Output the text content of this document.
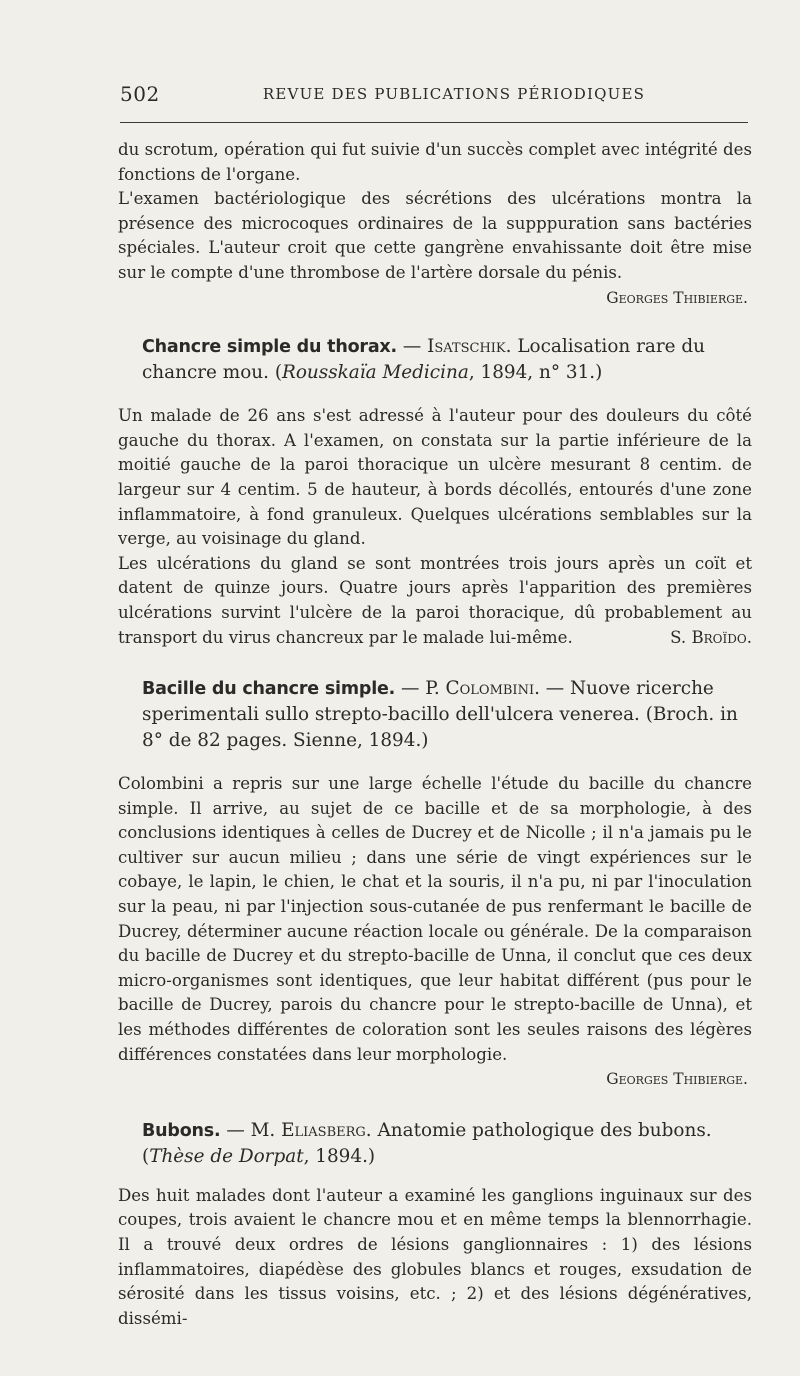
502	REVUE DES PUBLICATIONS PÉRIODIQUES

du scrotum, opération qui fut suivie d'un succès complet avec intégrité des fonctions de l'organe.

L'examen bactériologique des sécrétions des ulcérations montra la présence des microcoques ordinaires de la supppuration sans bactéries spéciales. L'auteur croit que cette gangrène envahissante doit être mise sur le compte d'une thrombose de l'artère dorsale du pénis.

Georges Thibierge.

Chancre simple du thorax. — Isatschik. Localisation rare du chancre mou. (Rousskaïa Medicina, 1894, n° 31.)

Un malade de 26 ans s'est adressé à l'auteur pour des douleurs du côté gauche du thorax. A l'examen, on constata sur la partie inférieure de la moitié gauche de la paroi thoracique un ulcère mesurant 8 centim. de largeur sur 4 centim. 5 de hauteur, à bords décollés, entourés d'une zone inflammatoire, à fond granuleux. Quelques ulcérations semblables sur la verge, au voisinage du gland.

Les ulcérations du gland se sont montrées trois jours après un coït et datent de quinze jours. Quatre jours après l'apparition des premières ulcérations survint l'ulcère de la paroi thoracique, dû probablement au transport du virus chancreux par le malade lui-même.	S. Broïdo.

Bacille du chancre simple. — P. Colombini. — Nuove ricerche sperimentali sullo strepto-bacillo dell'ulcera venerea. (Broch. in 8° de 82 pages. Sienne, 1894.)

Colombini a repris sur une large échelle l'étude du bacille du chancre simple. Il arrive, au sujet de ce bacille et de sa morphologie, à des conclusions identiques à celles de Ducrey et de Nicolle ; il n'a jamais pu le cultiver sur aucun milieu ; dans une série de vingt expériences sur le cobaye, le lapin, le chien, le chat et la souris, il n'a pu, ni par l'inoculation sur la peau, ni par l'injection sous-cutanée de pus renfermant le bacille de Ducrey, déterminer aucune réaction locale ou générale. De la comparaison du bacille de Ducrey et du strepto-bacille de Unna, il conclut que ces deux micro-organismes sont identiques, que leur habitat différent (pus pour le bacille de Ducrey, parois du chancre pour le strepto-bacille de Unna), et les méthodes différentes de coloration sont les seules raisons des légères différences constatées dans leur morphologie.

Georges Thibierge.

Bubons. — M. Eliasberg. Anatomie pathologique des bubons. (Thèse de Dorpat, 1894.)

Des huit malades dont l'auteur a examiné les ganglions inguinaux sur des coupes, trois avaient le chancre mou et en même temps la blennorrhagie. Il a trouvé deux ordres de lésions ganglionnaires : 1) des lésions inflammatoires, diapédèse des globules blancs et rouges, exsudation de sérosité dans les tissus voisins, etc. ; 2) et des lésions dégénératives, dissémi-
